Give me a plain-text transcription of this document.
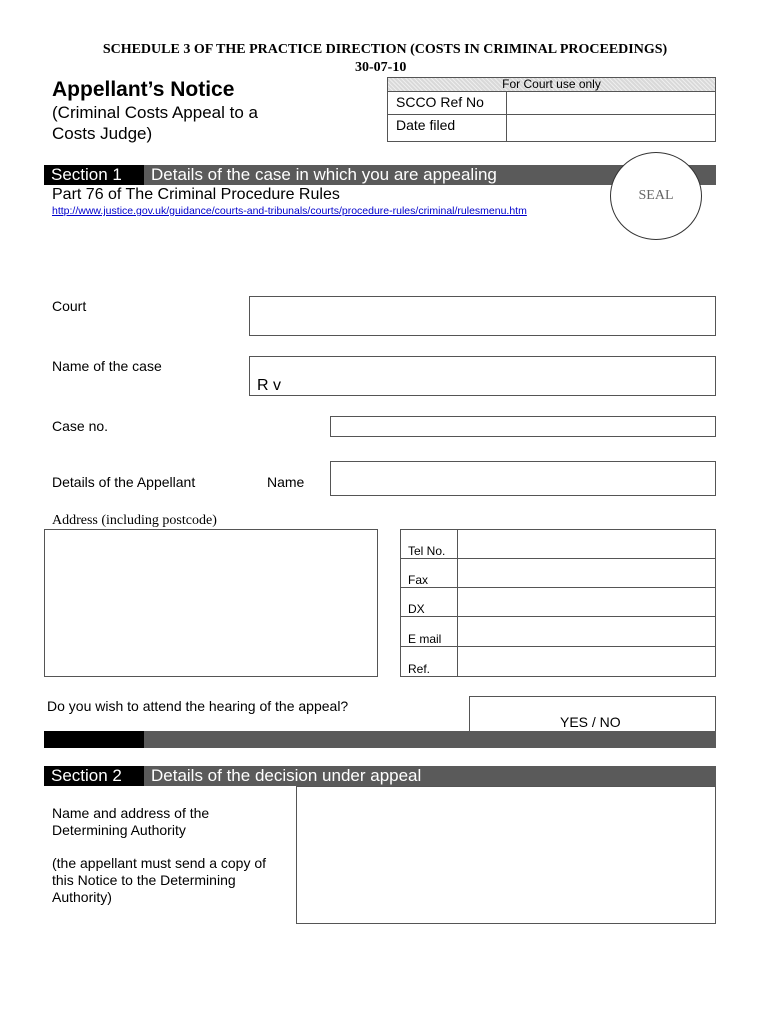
SCHEDULE 3 OF THE PRACTICE DIRECTION (COSTS IN CRIMINAL PROCEEDINGS)
30-07-10
Appellant’s Notice
(Criminal Costs Appeal to a
Costs Judge)
For Court use only
SCCO Ref No
Date filed
Section 1	Details of the case in which you are appealing
SEAL
Part 76 of The Criminal Procedure Rules
http://www.justice.gov.uk/guidance/courts-and-tribunals/courts/procedure-rules/criminal/rulesmenu.htm
Court
Name of the case
R v
Case no.
Details of the Appellant	Name
Address (including postcode)
Tel No.
Fax
DX
E mail
Ref.
Do you wish to attend the hearing of the appeal?
YES / NO
Section 2	Details of the decision under appeal
Name and address of the
Determining Authority
(the appellant must send a copy of
this Notice to the Determining
Authority)
